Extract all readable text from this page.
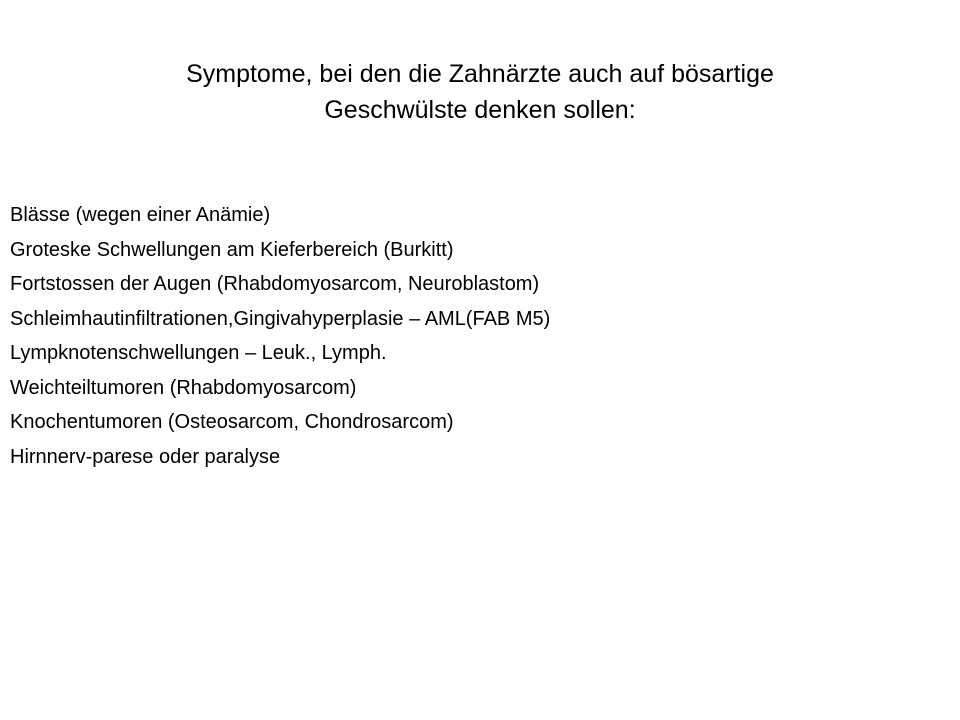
Symptome, bei den die Zahnärzte auch auf bösartige
Geschwülste denken sollen:
Blässe (wegen einer Anämie)
Groteske Schwellungen am Kieferbereich (Burkitt)
Fortstossen der Augen (Rhabdomyosarcom, Neuroblastom)
Schleimhautinfiltrationen,Gingivahyperplasie – AML(FAB M5)
Lympknotenschwellungen – Leuk., Lymph.
Weichteiltumoren (Rhabdomyosarcom)
Knochentumoren (Osteosarcom, Chondrosarcom)
Hirnnerv-parese oder paralyse
